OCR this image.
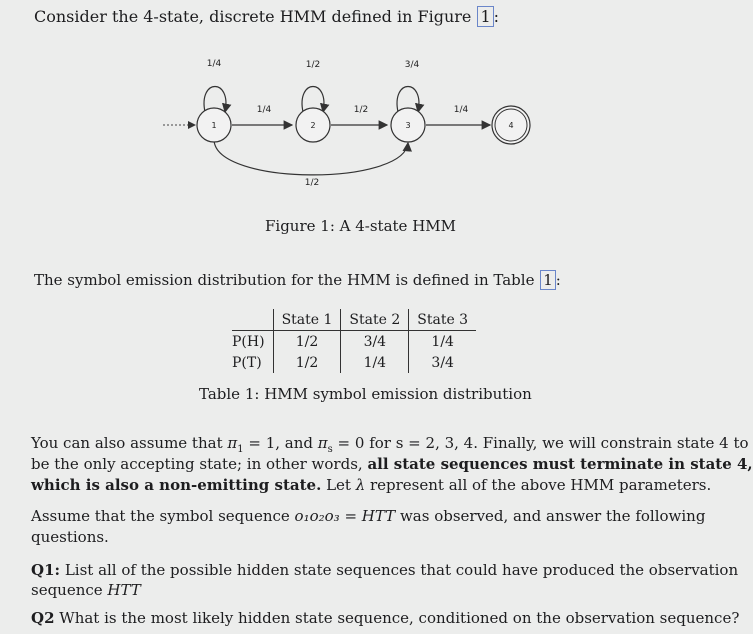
Consider the 4-state, discrete HMM defined in Figure 1 :
1/4	1/2	3/4
1/4	1/2	1/4
1/2
1	2	3	4
Figure 1: A 4-state HMM
The symbol emission distribution for the HMM is defined in Table 1 :
	State 1	State 2	State 3
P(H)	1/2	3/4	1/4
P(T)	1/2	1/4	3/4
Table 1: HMM symbol emission distribution
You can also assume that $\pi_1 = 1$, and $\pi_s = 0$ for s = 2, 3, 4. Finally, we will constrain state 4 to
be the only accepting state; in other words, all state sequences must terminate in state 4,
which is also a non-emitting state. Let λ represent all of the above HMM parameters.
Assume that the symbol sequence o₁o₂o₃ = HTT was observed, and answer the following
questions.
Q1: List all of the possible hidden state sequences that could have produced the observation
sequence HTT
Q2 What is the most likely hidden state sequence, conditioned on the observation sequence?
